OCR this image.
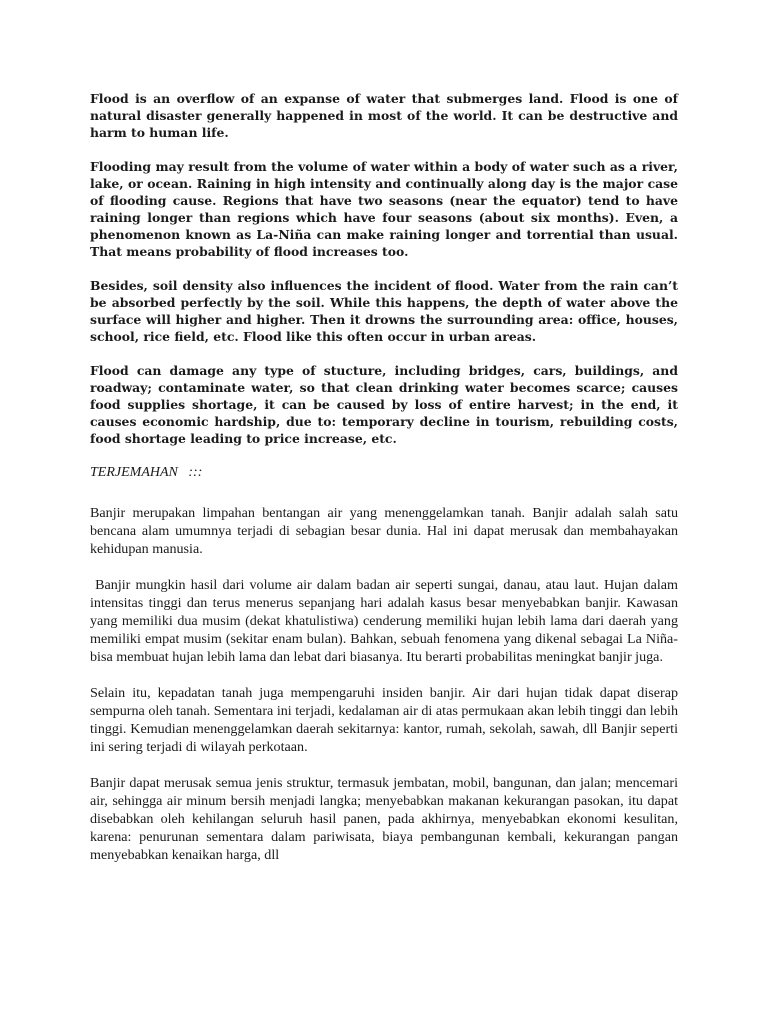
Flood is an overflow of an expanse of water that submerges land. Flood is one of natural disaster generally happened in most of the world. It can be destructive and harm to human life.

Flooding may result from the volume of water within a body of water such as a river, lake, or ocean. Raining in high intensity and continually along day is the major case of flooding cause. Regions that have two seasons (near the equator) tend to have raining longer than regions which have four seasons (about six months). Even, a phenomenon known as La-Niña can make raining longer and torrential than usual. That means probability of flood increases too.

Besides, soil density also influences the incident of flood. Water from the rain can’t be absorbed perfectly by the soil. While this happens, the depth of water above the surface will higher and higher. Then it drowns the surrounding area: office, houses, school, rice field, etc. Flood like this often occur in urban areas.

Flood can damage any type of stucture, including bridges, cars, buildings, and roadway; contaminate water, so that clean drinking water becomes scarce; causes food supplies shortage, it can be caused by loss of entire harvest; in the end, it causes economic hardship, due to: temporary decline in tourism, rebuilding costs, food shortage leading to price increase, etc.

TERJEMAHAN   :::

Banjir merupakan limpahan bentangan air yang menenggelamkan tanah. Banjir adalah salah satu bencana alam umumnya terjadi di sebagian besar dunia. Hal ini dapat merusak dan membahayakan kehidupan manusia.

Banjir mungkin hasil dari volume air dalam badan air seperti sungai, danau, atau laut. Hujan dalam intensitas tinggi dan terus menerus sepanjang hari adalah kasus besar menyebabkan banjir. Kawasan yang memiliki dua musim (dekat khatulistiwa) cenderung memiliki hujan lebih lama dari daerah yang memiliki empat musim (sekitar enam bulan). Bahkan, sebuah fenomena yang dikenal sebagai La Niña-bisa membuat hujan lebih lama dan lebat dari biasanya. Itu berarti probabilitas meningkat banjir juga.

Selain itu, kepadatan tanah juga mempengaruhi insiden banjir. Air dari hujan tidak dapat diserap sempurna oleh tanah. Sementara ini terjadi, kedalaman air di atas permukaan akan lebih tinggi dan lebih tinggi. Kemudian menenggelamkan daerah sekitarnya: kantor, rumah, sekolah, sawah, dll Banjir seperti ini sering terjadi di wilayah perkotaan.

Banjir dapat merusak semua jenis struktur, termasuk jembatan, mobil, bangunan, dan jalan; mencemari air, sehingga air minum bersih menjadi langka; menyebabkan makanan kekurangan pasokan, itu dapat disebabkan oleh kehilangan seluruh hasil panen, pada akhirnya, menyebabkan ekonomi kesulitan, karena: penurunan sementara dalam pariwisata, biaya pembangunan kembali, kekurangan pangan menyebabkan kenaikan harga, dll
